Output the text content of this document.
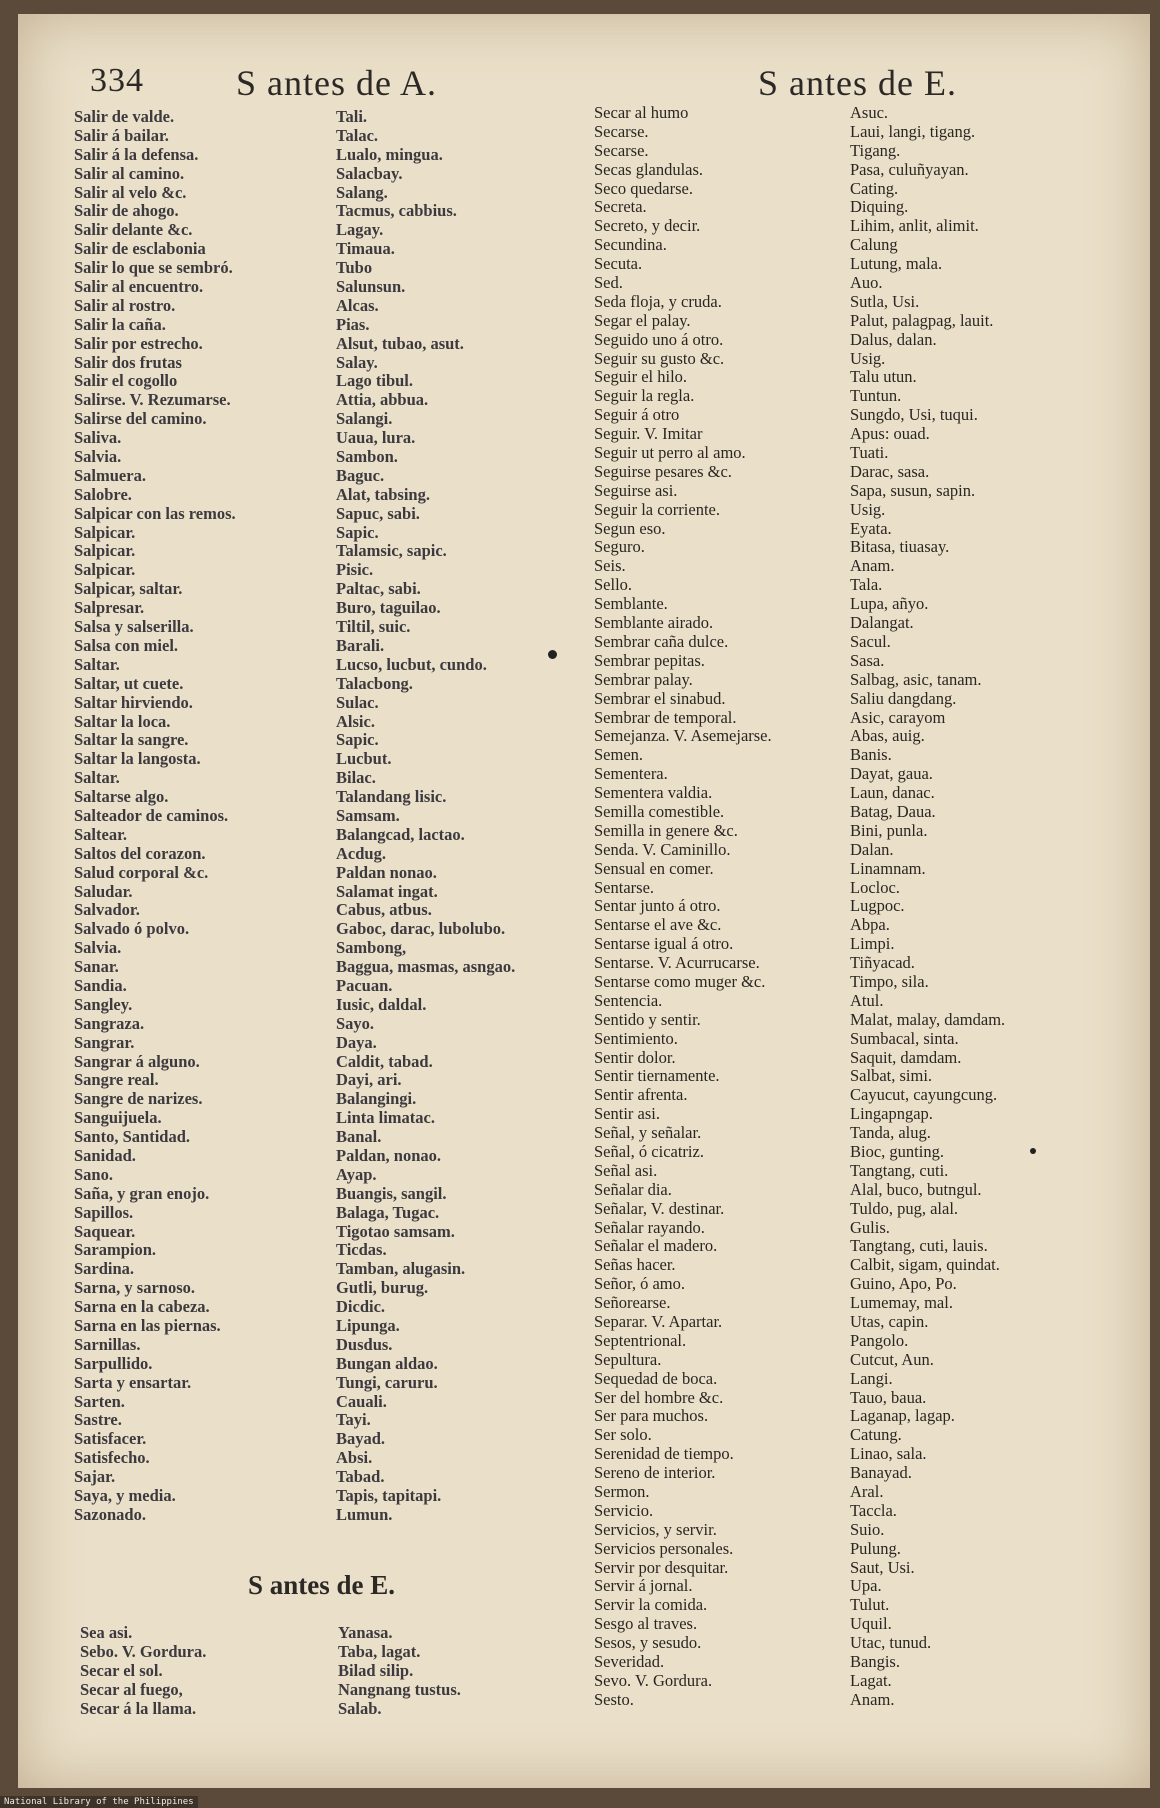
334	S antes de A.	S antes de E.
Salir de valde.
Salir á bailar.
Salir á la defensa.
Salir al camino.
Salir al velo &c.
Salir de ahogo.
Salir delante &c.
Salir de esclabonia
Salir lo que se sembró.
Salir al encuentro.
Salir al rostro.
Salir la caña.
Salir por estrecho.
Salir dos frutas
Salir el cogollo
Salirse. V. Rezumarse.
Salirse del camino.
Saliva.
Salvia.
Salmuera.
Salobre.
Salpicar con las remos.
Salpicar.
Salpicar.
Salpicar.
Salpicar, saltar.
Salpresar.
Salsa y salserilla.
Salsa con miel.
Saltar.
Saltar, ut cuete.
Saltar hirviendo.
Saltar la loca.
Saltar la sangre.
Saltar la langosta.
Saltar.
Saltarse algo.
Salteador de caminos.
Saltear.
Saltos del corazon.
Salud corporal &c.
Saludar.
Salvador.
Salvado ó polvo.
Salvia.
Sanar.
Sandia.
Sangley.
Sangraza.
Sangrar.
Sangrar á alguno.
Sangre real.
Sangre de narizes.
Sanguijuela.
Santo, Santidad.
Sanidad.
Sano.
Saña, y gran enojo.
Sapillos.
Saquear.
Sarampion.
Sardina.
Sarna, y sarnoso.
Sarna en la cabeza.
Sarna en las piernas.
Sarnillas.
Sarpullido.
Sarta y ensartar.
Sarten.
Sastre.
Satisfacer.
Satisfecho.
Sajar.
Saya, y media.
Sazonado.
Tali.
Talac.
Lualo, mingua.
Salacbay.
Salang.
Tacmus, cabbius.
Lagay.
Timaua.
Tubo
Salunsun.
Alcas.
Pias.
Alsut, tubao, asut.
Salay.
Lago tibul.
Attia, abbua.
Salangi.
Uaua, lura.
Sambon.
Baguc.
Alat, tabsing.
Sapuc, sabi.
Sapic.
Talamsic, sapic.
Pisic.
Paltac, sabi.
Buro, taguilao.
Tiltil, suic.
Barali.
Lucso, lucbut, cundo.
Talacbong.
Sulac.
Alsic.
Sapic.
Lucbut.
Bilac.
Talandang lisic.
Samsam.
Balangcad, lactao.
Acdug.
Paldan nonao.
Salamat ingat.
Cabus, atbus.
Gaboc, darac, lubolubo.
Sambong,
Baggua, masmas, asngao.
Pacuan.
Iusic, daldal.
Sayo.
Daya.
Caldit, tabad.
Dayi, ari.
Balangingi.
Linta limatac.
Banal.
Paldan, nonao.
Ayap.
Buangis, sangil.
Balaga, Tugac.
Tigotao samsam.
Ticdas.
Tamban, alugasin.
Gutli, burug.
Dicdic.
Lipunga.
Dusdus.
Bungan aldao.
Tungi, caruru.
Cauali.
Tayi.
Bayad.
Absi.
Tabad.
Tapis, tapitapi.
Lumun.
Secar al humo
Secarse.
Secarse.
Secas glandulas.
Seco quedarse.
Secreta.
Secreto, y decir.
Secundina.
Secuta.
Sed.
Seda floja, y cruda.
Segar el palay.
Seguido uno á otro.
Seguir su gusto &c.
Seguir el hilo.
Seguir la regla.
Seguir á otro
Seguir. V. Imitar
Seguir ut perro al amo.
Seguirse pesares &c.
Seguirse asi.
Seguir la corriente.
Segun eso.
Seguro.
Seis.
Sello.
Semblante.
Semblante airado.
Sembrar caña dulce.
Sembrar pepitas.
Sembrar palay.
Sembrar el sinabud.
Sembrar de temporal.
Semejanza. V. Asemejarse.
Semen.
Sementera.
Sementera valdia.
Semilla comestible.
Semilla in genere &c.
Senda. V. Caminillo.
Sensual en comer.
Sentarse.
Sentar junto á otro.
Sentarse el ave &c.
Sentarse igual á otro.
Sentarse. V. Acurrucarse.
Sentarse como muger &c.
Sentencia.
Sentido y sentir.
Sentimiento.
Sentir dolor.
Sentir tiernamente.
Sentir afrenta.
Sentir asi.
Señal, y señalar.
Señal, ó cicatriz.
Señal asi.
Señalar dia.
Señalar, V. destinar.
Señalar rayando.
Señalar el madero.
Señas hacer.
Señor, ó amo.
Señorearse.
Separar. V. Apartar.
Septentrional.
Sepultura.
Sequedad de boca.
Ser del hombre &c.
Ser para muchos.
Ser solo.
Serenidad de tiempo.
Sereno de interior.
Sermon.
Servicio.
Servicios, y servir.
Servicios personales.
Servir por desquitar.
Servir á jornal.
Servir la comida.
Sesgo al traves.
Sesos, y sesudo.
Severidad.
Sevo. V. Gordura.
Sesto.
Asuc.
Laui, langi, tigang.
Tigang.
Pasa, culuñyayan.
Cating.
Diquing.
Lihim, anlit, alimit.
Calung
Lutung, mala.
Auo.
Sutla, Usi.
Palut, palagpag, lauit.
Dalus, dalan.
Usig.
Talu utun.
Tuntun.
Sungdo, Usi, tuqui.
Apus: ouad.
Tuati.
Darac, sasa.
Sapa, susun, sapin.
Usig.
Eyata.
Bitasa, tiuasay.
Anam.
Tala.
Lupa, añyo.
Dalangat.
Sacul.
Sasa.
Salbag, asic, tanam.
Saliu dangdang.
Asic, carayom
Abas, auig.
Banis.
Dayat, gaua.
Laun, danac.
Batag, Daua.
Bini, punla.
Dalan.
Linamnam.
Locloc.
Lugpoc.
Abpa.
Limpi.
Tiñyacad.
Timpo, sila.
Atul.
Malat, malay, damdam.
Sumbacal, sinta.
Saquit, damdam.
Salbat, simi.
Cayucut, cayungcung.
Lingapngap.
Tanda, alug.
Bioc, gunting.
Tangtang, cuti.
Alal, buco, butngul.
Tuldo, pug, alal.
Gulis.
Tangtang, cuti, lauis.
Calbit, sigam, quindat.
Guino, Apo, Po.
Lumemay, mal.
Utas, capin.
Pangolo.
Cutcut, Aun.
Langi.
Tauo, baua.
Laganap, lagap.
Catung.
Linao, sala.
Banayad.
Aral.
Taccla.
Suio.
Pulung.
Saut, Usi.
Upa.
Tulut.
Uquil.
Utac, tunud.
Bangis.
Lagat.
Anam.
S antes de E.
Sea asi.
Sebo. V. Gordura.
Secar el sol.
Secar al fuego,
Secar á la llama.
Yanasa.
Taba, lagat.
Bilad silip.
Nangnang tustus.
Salab.
National Library of the Philippines
